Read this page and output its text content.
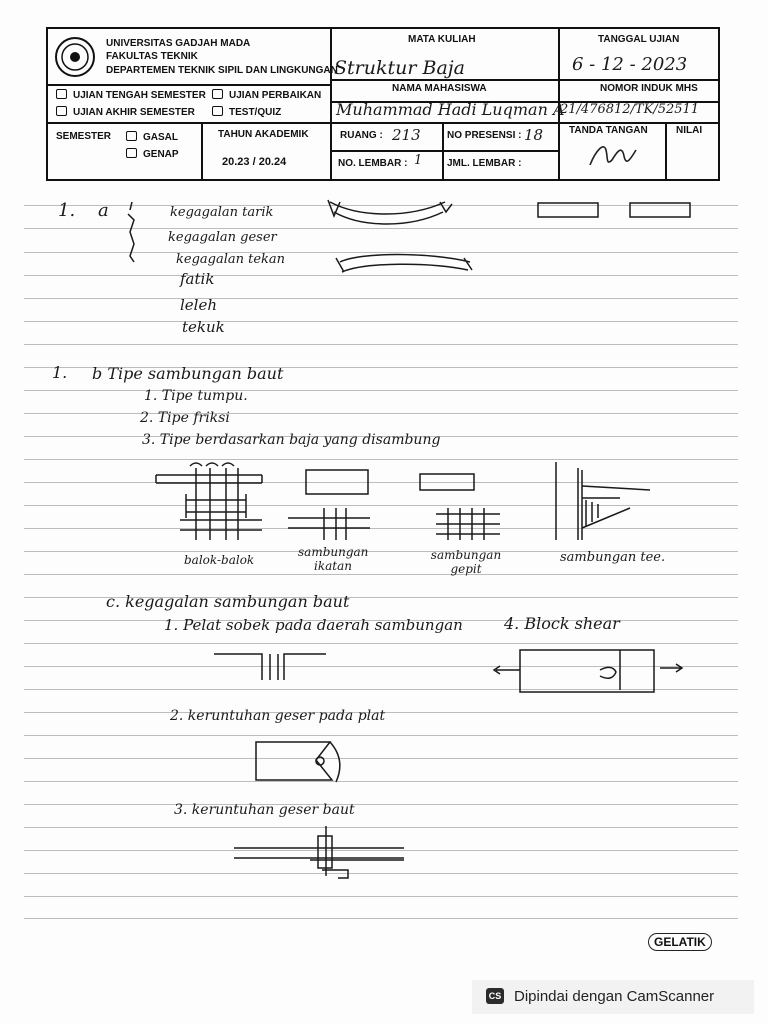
UNIVERSITAS GADJAH MADA
FAKULTAS TEKNIK
DEPARTEMEN TEKNIK SIPIL DAN LINGKUNGAN
MATA KULIAH
Struktur Baja
TANGGAL UJIAN
6 - 12 - 2023
UJIAN TENGAH SEMESTER	UJIAN PERBAIKAN
UJIAN AKHIR SEMESTER	TEST/QUIZ
NAMA MAHASISWA
Muhammad Hadi Luqman A
NOMOR INDUK MHS
21/476812/TK/52511
SEMESTER	GASAL
GENAP
TAHUN AKADEMIK
20.23 / 20.24
RUANG : 213	NO PRESENSI : 18	TANDA TANGAN	NILAI
NO. LEMBAR : 1 JML. LEMBAR :
1. a	kegagalan tarik
kegagalan geser
kegagalan tekan
fatik
leleh
tekuk
1. b Tipe sambungan baut
1. Tipe tumpu.
2. Tipe friksi
3. Tipe berdasarkan baja yang disambung
balok-balok
sambungan ikatan
sambungan gepit
sambungan tee.
c. kegagalan sambungan baut
1. Pelat sobek pada daerah sambungan	4. Block shear
2. keruntuhan geser pada plat
3. keruntuhan geser baut
GELATIK
CS Dipindai dengan CamScanner
